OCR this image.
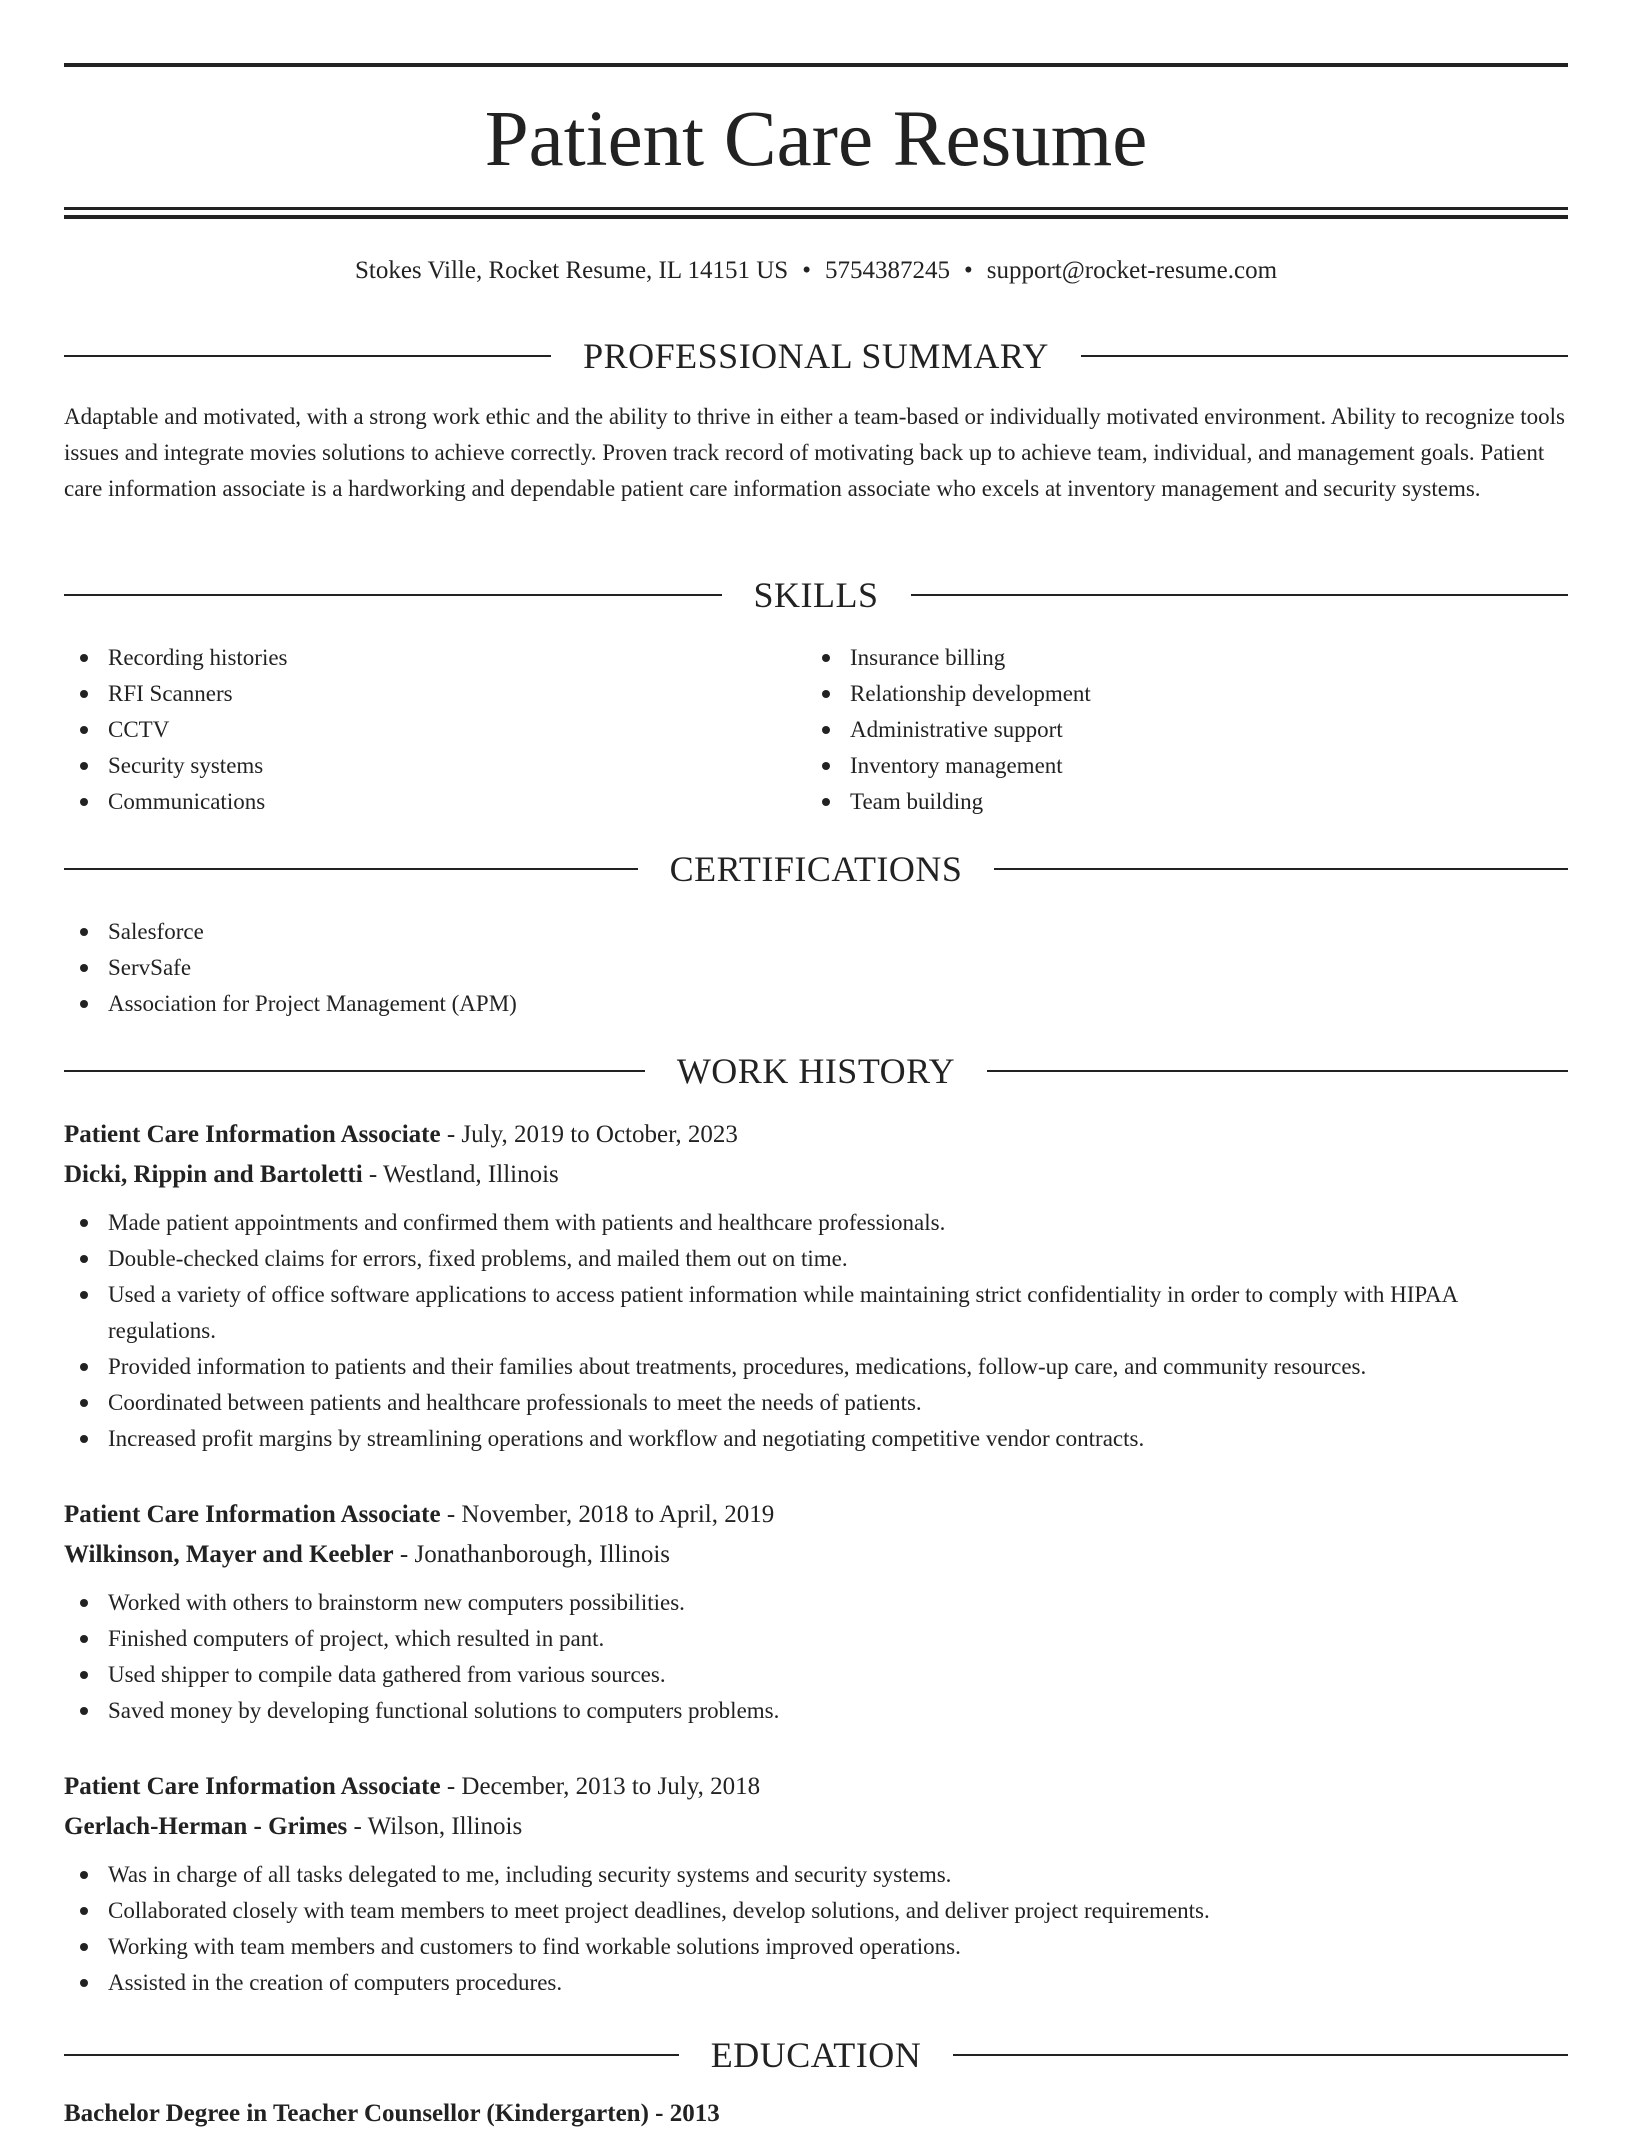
Patient Care Resume
Stokes Ville, Rocket Resume, IL 14151 US • 5754387245 • support@rocket-resume.com
PROFESSIONAL SUMMARY

Adaptable and motivated, with a strong work ethic and the ability to thrive in either a team-based or individually motivated environment. Ability to recognize tools issues and integrate movies solutions to achieve correctly. Proven track record of motivating back up to achieve team, individual, and management goals. Patient care information associate is a hardworking and dependable patient care information associate who excels at inventory management and security systems.

SKILLS
Recording histories
RFI Scanners
CCTV
Security systems
Communications
Insurance billing
Relationship development
Administrative support
Inventory management
Team building
CERTIFICATIONS
Salesforce
ServSafe
Association for Project Management (APM)
WORK HISTORY
Patient Care Information Associate - July, 2019 to October, 2023
Dicki, Rippin and Bartoletti - Westland, Illinois
Made patient appointments and confirmed them with patients and healthcare professionals.
Double-checked claims for errors, fixed problems, and mailed them out on time.
Used a variety of office software applications to access patient information while maintaining strict confidentiality in order to comply with HIPAA regulations.
Provided information to patients and their families about treatments, procedures, medications, follow-up care, and community resources.
Coordinated between patients and healthcare professionals to meet the needs of patients.
Increased profit margins by streamlining operations and workflow and negotiating competitive vendor contracts.
Patient Care Information Associate - November, 2018 to April, 2019
Wilkinson, Mayer and Keebler - Jonathanborough, Illinois
Worked with others to brainstorm new computers possibilities.
Finished computers of project, which resulted in pant.
Used shipper to compile data gathered from various sources.
Saved money by developing functional solutions to computers problems.
Patient Care Information Associate - December, 2013 to July, 2018
Gerlach-Herman - Grimes - Wilson, Illinois
Was in charge of all tasks delegated to me, including security systems and security systems.
Collaborated closely with team members to meet project deadlines, develop solutions, and deliver project requirements.
Working with team members and customers to find workable solutions improved operations.
Assisted in the creation of computers procedures.
EDUCATION
Bachelor Degree in Teacher Counsellor (Kindergarten) - 2013
